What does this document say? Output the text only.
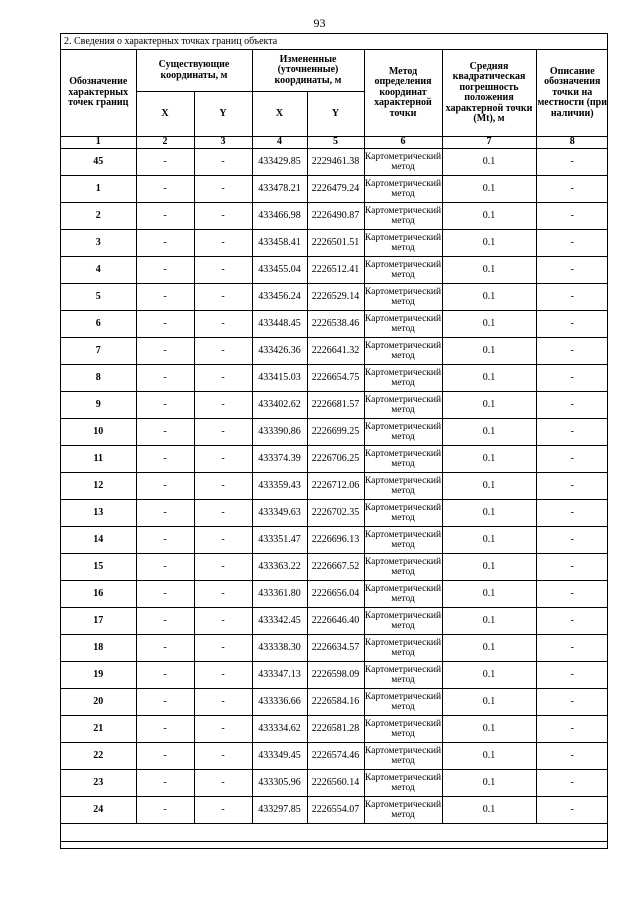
93
2. Сведения о характерных точках границ объекта
Обозначение характерных точек границ	Существующие координаты, м		Измененные (уточненные) координаты, м		Метод определения координат характерной точки	Средняя квадратическая погрешность положения характерной точки (Mt), м	Описание обозначения точки на местности (при наличии)
	X	Y	X	Y			
1	2	3	4	5	6	7	8
45	-	-	433429.85	2229461.38	Картометрический метод	0.1	-
1	-	-	433478.21	2226479.24	Картометрический метод	0.1	-
2	-	-	433466.98	2226490.87	Картометрический метод	0.1	-
3	-	-	433458.41	2226501.51	Картометрический метод	0.1	-
4	-	-	433455.04	2226512.41	Картометрический метод	0.1	-
5	-	-	433456.24	2226529.14	Картометрический метод	0.1	-
6	-	-	433448.45	2226538.46	Картометрический метод	0.1	-
7	-	-	433426.36	2226641.32	Картометрический метод	0.1	-
8	-	-	433415.03	2226654.75	Картометрический метод	0.1	-
9	-	-	433402.62	2226681.57	Картометрический метод	0.1	-
10	-	-	433390.86	2226699.25	Картометрический метод	0.1	-
11	-	-	433374.39	2226706.25	Картометрический метод	0.1	-
12	-	-	433359.43	2226712.06	Картометрический метод	0.1	-
13	-	-	433349.63	2226702.35	Картометрический метод	0.1	-
14	-	-	433351.47	2226696.13	Картометрический метод	0.1	-
15	-	-	433363.22	2226667.52	Картометрический метод	0.1	-
16	-	-	433361.80	2226656.04	Картометрический метод	0.1	-
17	-	-	433342.45	2226646.40	Картометрический метод	0.1	-
18	-	-	433338.30	2226634.57	Картометрический метод	0.1	-
19	-	-	433347.13	2226598.09	Картометрический метод	0.1	-
20	-	-	433336.66	2226584.16	Картометрический метод	0.1	-
21	-	-	433334.62	2226581.28	Картометрический метод	0.1	-
22	-	-	433349.45	2226574.46	Картометрический метод	0.1	-
23	-	-	433305.96	2226560.14	Картометрический метод	0.1	-
24	-	-	433297.85	2226554.07	Картометрический метод	0.1	-
